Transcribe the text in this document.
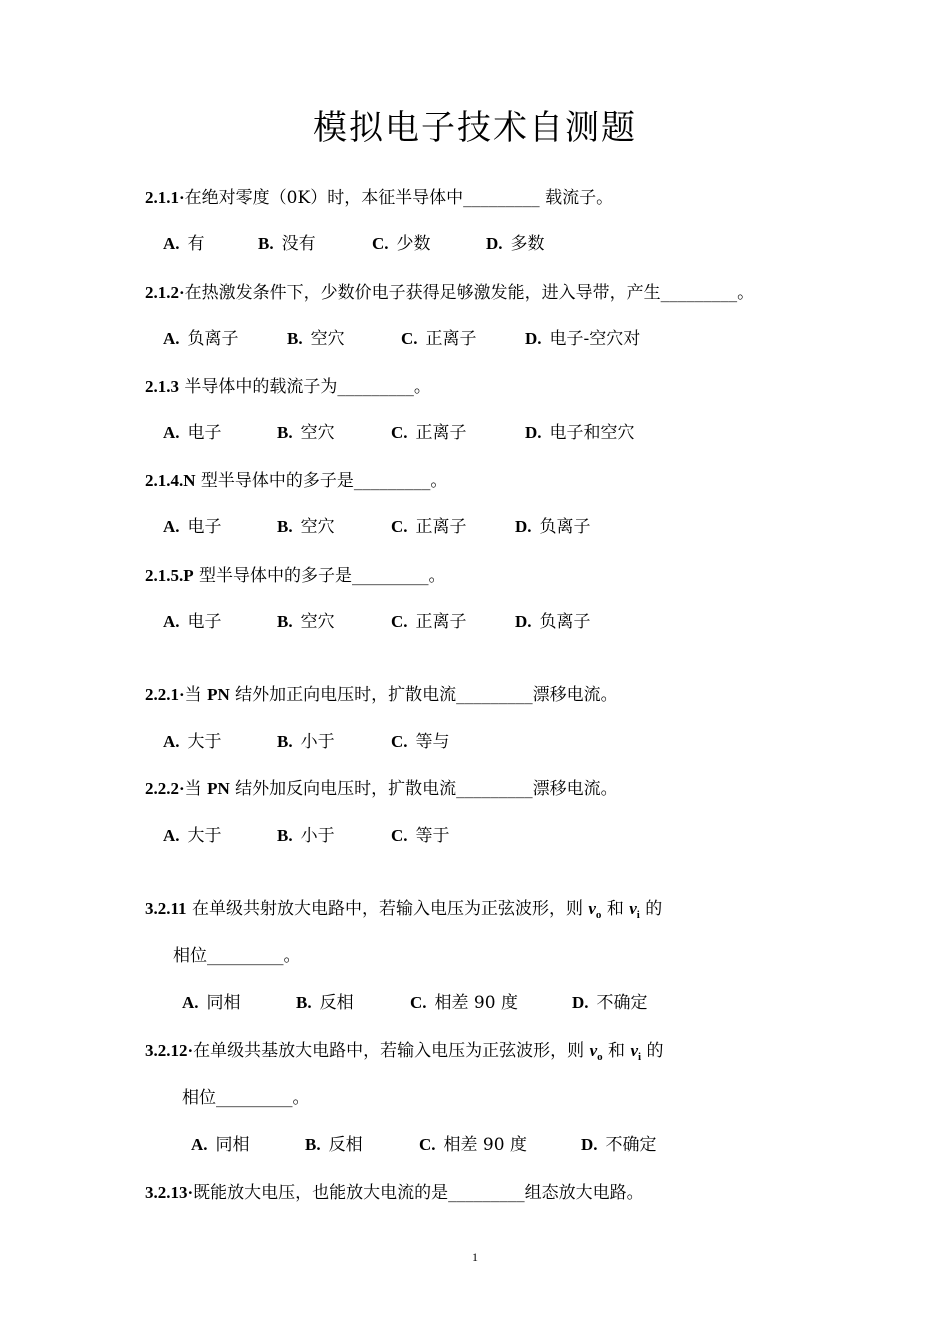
模拟电子技术自测题
2.1.1·在绝对零度（0K）时，本征半导体中_________ 载流子。
A. 有	B. 没有	C. 少数	D. 多数
2.1.2·在热激发条件下，少数价电子获得足够激发能，进入导带，产生_________。
A. 负离子	B. 空穴	C. 正离子	D. 电子-空穴对
2.1.3 半导体中的载流子为_________。
A. 电子	B. 空穴	C. 正离子	D. 电子和空穴
2.1.4.N 型半导体中的多子是_________。
A. 电子	B. 空穴	C. 正离子	D. 负离子
2.1.5.P 型半导体中的多子是_________。
A. 电子	B. 空穴	C. 正离子	D. 负离子
2.2.1·当 PN 结外加正向电压时，扩散电流_________漂移电流。
A. 大于	B. 小于	C. 等与
2.2.2·当 PN 结外加反向电压时，扩散电流_________漂移电流。
A. 大于	B. 小于	C. 等于
3.2.11 在单级共射放大电路中，若输入电压为正弦波形，则 $v_o$ 和 $v_i$ 的
相位_________。
A. 同相	B. 反相	C. 相差 90 度	D. 不确定
3.2.12·在单级共基放大电路中，若输入电压为正弦波形，则 $v_o$ 和 $v_i$ 的
相位_________。
A. 同相	B. 反相	C. 相差 90 度	D. 不确定
3.2.13·既能放大电压，也能放大电流的是_________组态放大电路。
1
